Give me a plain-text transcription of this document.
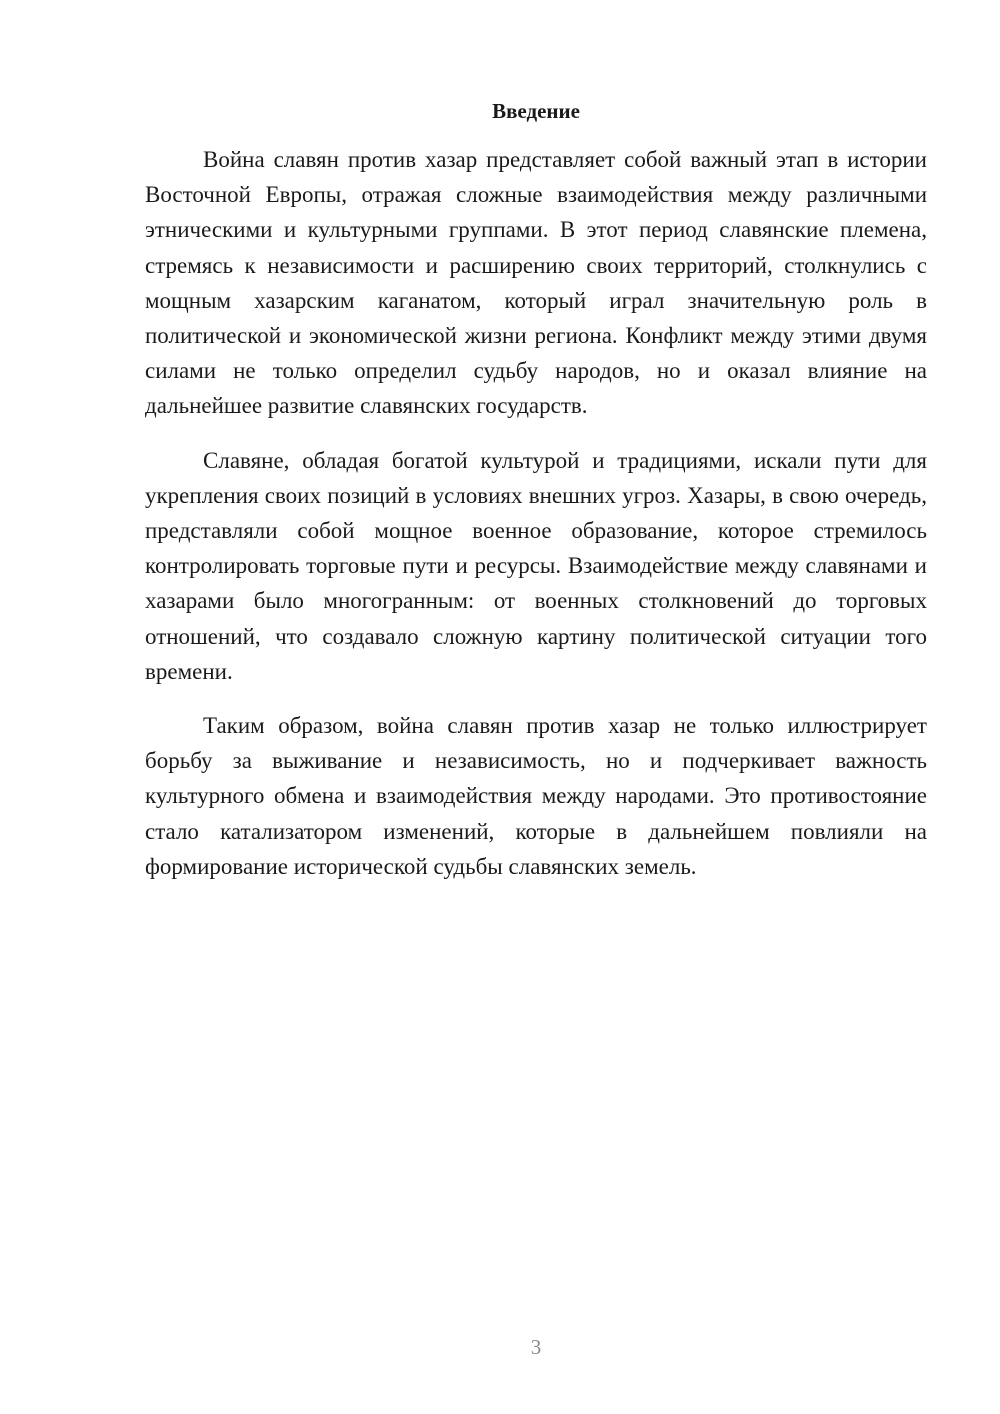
Введение

Война славян против хазар представляет собой важный этап в истории Восточной Европы, отражая сложные взаимодействия между различными этническими и культурными группами. В этот период славянские племена, стремясь к независимости и расширению своих территорий, столкнулись с мощным хазарским каганатом, который играл значительную роль в политической и экономической жизни региона. Конфликт между этими двумя силами не только определил судьбу народов, но и оказал влияние на дальнейшее развитие славянских государств.

Славяне, обладая богатой культурой и традициями, искали пути для укрепления своих позиций в условиях внешних угроз. Хазары, в свою очередь, представляли собой мощное военное образование, которое стремилось контролировать торговые пути и ресурсы. Взаимодействие между славянами и хазарами было многогранным: от военных столкновений до торговых отношений, что создавало сложную картину политической ситуации того времени.

Таким образом, война славян против хазар не только иллюстрирует борьбу за выживание и независимость, но и подчеркивает важность культурного обмена и взаимодействия между народами. Это противостояние стало катализатором изменений, которые в дальнейшем повлияли на формирование исторической судьбы славянских земель.

3
